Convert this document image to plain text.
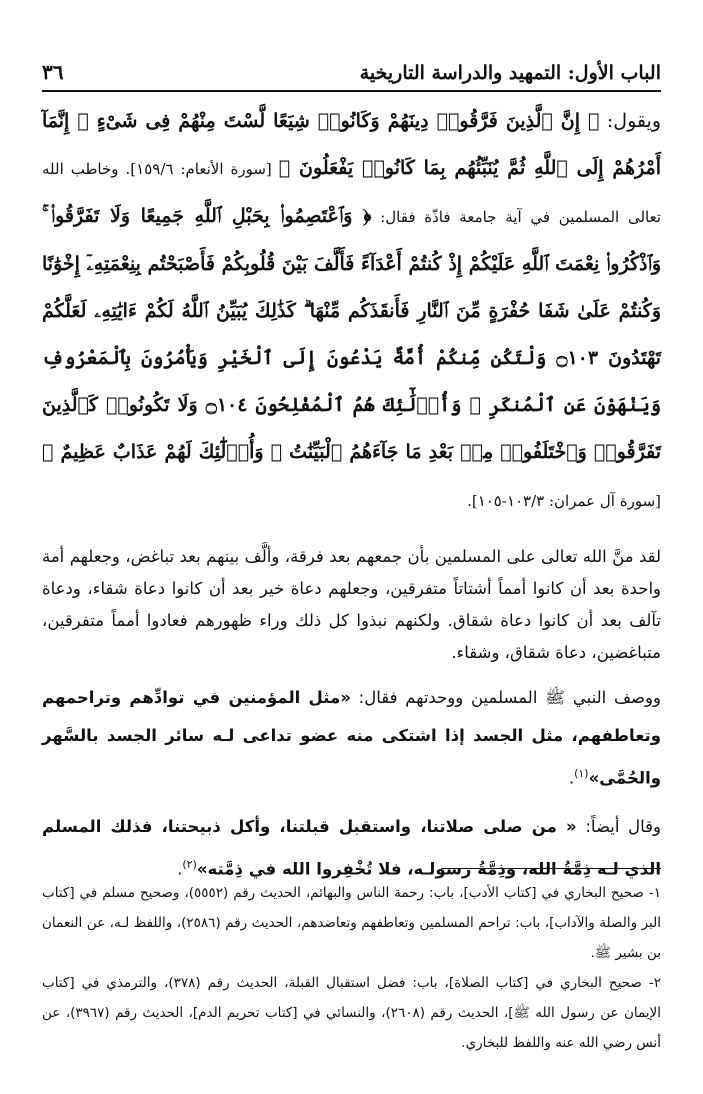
الباب الأول: التمهيد والدراسة التاريخية
٣٦

ويقول: ﴿ إِنَّ ٱلَّذِينَ فَرَّقُوا۟ دِينَهُمْ وَكَانُوا۟ شِيَعًا لَّسْتَ مِنْهُمْ فِى شَىْءٍ ۚ إِنَّمَآ أَمْرُهُمْ إِلَى ٱللَّهِ ثُمَّ يُنَبِّئُهُم بِمَا كَانُوا۟ يَفْعَلُونَ ﴾ [سورة الأنعام: ١٥٩/٦]. وخاطب الله تعالى المسلمين في آية جامعة فاذّة فقال: ﴿ وَٱعْتَصِمُوا۟ بِحَبْلِ ٱللَّهِ جَمِيعًا وَلَا تَفَرَّقُوا۟ ۚ وَٱذْكُرُوا۟ نِعْمَتَ ٱللَّهِ عَلَيْكُمْ إِذْ كُنتُمْ أَعْدَآءً فَأَلَّفَ بَيْنَ قُلُوبِكُمْ فَأَصْبَحْتُم بِنِعْمَتِهِۦٓ إِخْوَٰنًا وَكُنتُمْ عَلَىٰ شَفَا حُفْرَةٍ مِّنَ ٱلنَّارِ فَأَنقَذَكُم مِّنْهَا ۗ كَذَٰلِكَ يُبَيِّنُ ٱللَّهُ لَكُمْ ءَايَٰتِهِۦ لَعَلَّكُمْ تَهْتَدُونَ ۝١٠٣ وَلْتَكُن مِّنكُمْ أُمَّةٌ يَدْعُونَ إِلَى ٱلْخَيْرِ وَيَأْمُرُونَ بِٱلْمَعْرُوفِ وَيَنْهَوْنَ عَنِ ٱلْمُنكَرِ ۚ وَأُو۟لَٰٓئِكَ هُمُ ٱلْمُفْلِحُونَ ۝١٠٤ وَلَا تَكُونُوا۟ كَٱلَّذِينَ تَفَرَّقُوا۟ وَٱخْتَلَفُوا۟ مِنۢ بَعْدِ مَا جَآءَهُمُ ٱلْبَيِّنَٰتُ ۚ وَأُو۟لَٰٓئِكَ لَهُمْ عَذَابٌ عَظِيمٌ ﴾ [سورة آل عمران: ١٠٣/٣-١٠٥].

لقد منَّ الله تعالى على المسلمين بأن جمعهم بعد فرقة، وألَّف بينهم بعد تباغض، وجعلهم أمة واحدة بعد أن كانوا أمماً أشتاتاً متفرقين، وجعلهم دعاة خير بعد أن كانوا دعاة شقاء، ودعاة تآلف بعد أن كانوا دعاة شقاق. ولكنهم نبذوا كل ذلك وراء ظهورهم فعادوا أمماً متفرقين، متباغضين، دعاة شقاق، وشقاء.

ووصف النبي ﷺ المسلمين ووحدتهم فقال: «مثل المؤمنين في توادِّهم وتراحمهم وتعاطفهم، مثل الجسد إذا اشتكى منه عضو تداعى لـه سائر الجسد بالسَّهر والحُمَّى»$^{(١)}$.

وقال أيضاً: « من صلى صلاتنا، واستقبل قبلتنا، وأكل ذبيحتنا، فذلك المسلم الذي لـه ذِمَّةُ الله، وذِمَّةُ رسولـه، فلا تُخْفِروا الله في ذِمَّته»$^{(٢)}$.

١- صحيح البخاري في [كتاب الأدب]، باب: رحمة الناس والبهائم، الحديث رقم (٥٥٥٢)، وصحيح مسلم في [كتاب البر والصلة والآداب]، باب: تراحم المسلمين وتعاطفهم وتعاضدهم، الحديث رقم (٢٥٨٦)، واللفظ لـه، عن النعمان بن بشير ﷺ.

٢- صحيح البخاري في [كتاب الصلاة]، باب: فضل استقبال القبلة، الحديث رقم (٣٧٨)، والترمذي في [كتاب الإيمان عن رسول الله ﷺ]، الحديث رقم (٢٦٠٨)، والنسائي في [كتاب تحريم الدم]، الحديث رقم (٣٩٦٧)، عن أنس رضي الله عنه واللفظ للبخاري.
